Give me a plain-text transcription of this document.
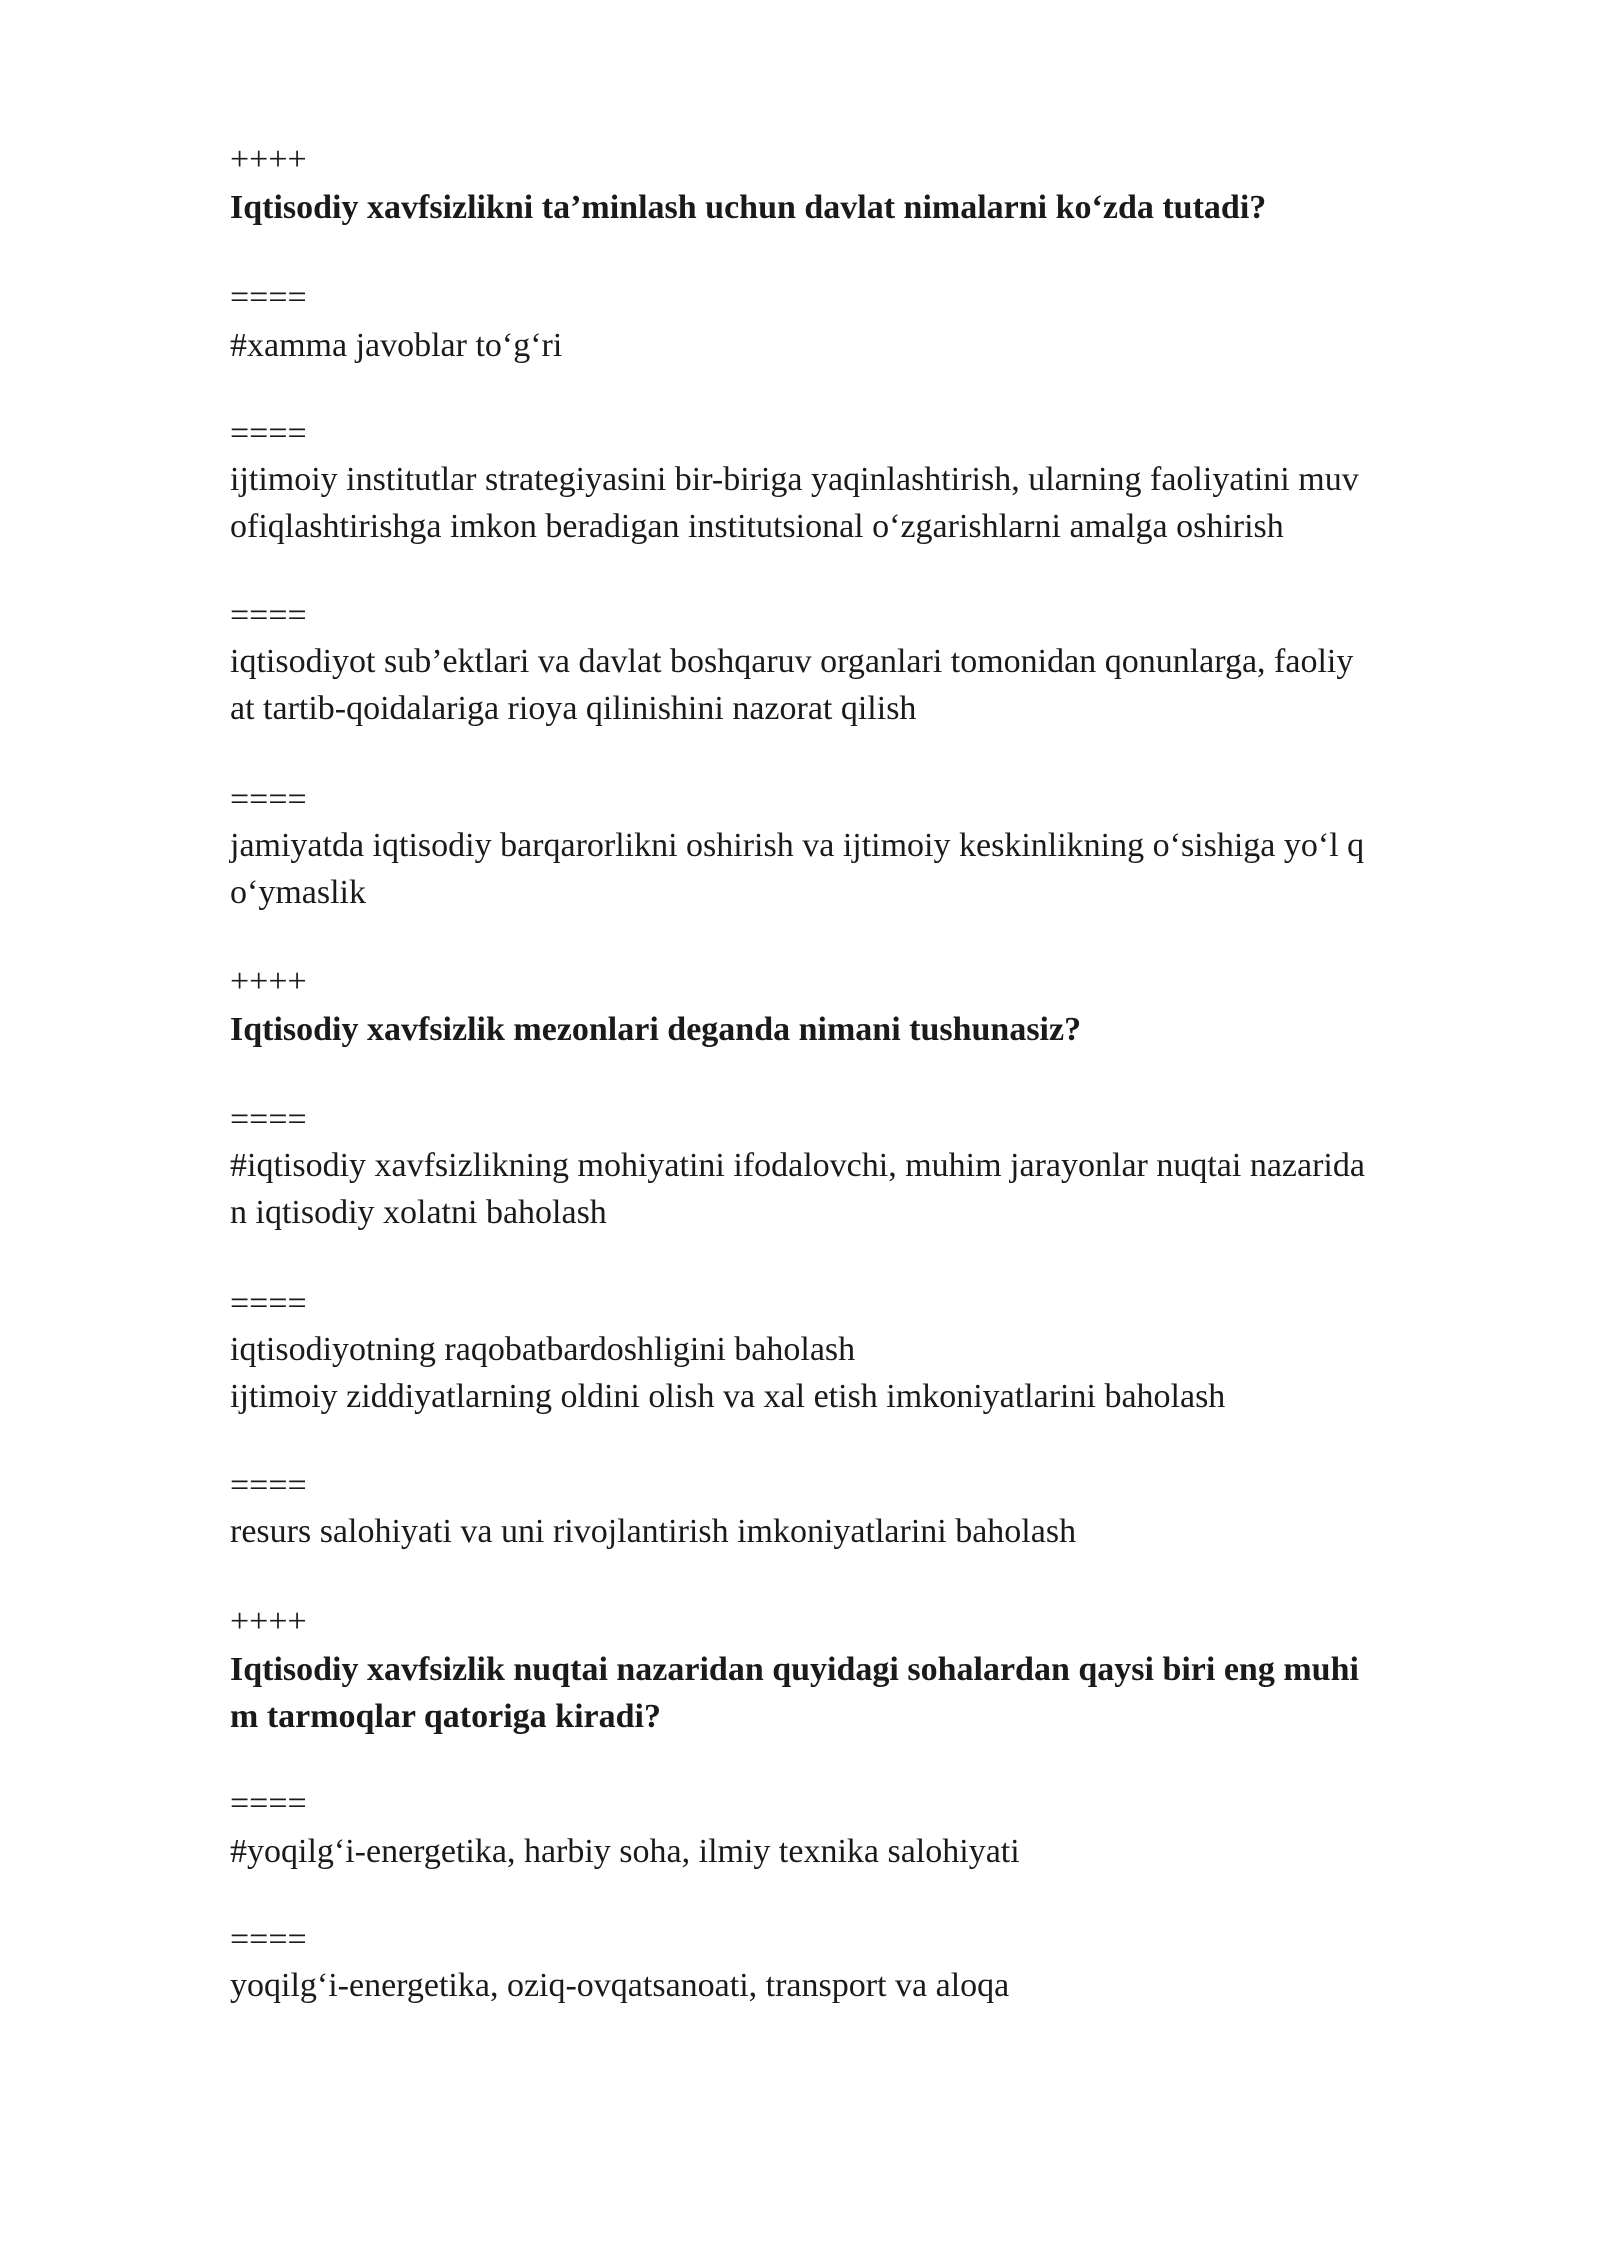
++++
Iqtisodiy xavfsizlikni ta’minlash uchun davlat nimalarni ko‘zda tutadi?
====
#xamma javoblar to‘g‘ri
====
ijtimoiy institutlar strategiyasini bir-biriga yaqinlashtirish, ularning faoliyatini muv
ofiqlashtirishga imkon beradigan institutsional o‘zgarishlarni amalga oshirish
====
iqtisodiyot sub’ektlari va davlat boshqaruv organlari tomonidan qonunlarga, faoliy
at tartib-qoidalariga rioya qilinishini nazorat qilish
====
jamiyatda iqtisodiy barqarorlikni oshirish va ijtimoiy keskinlikning o‘sishiga yo‘l q
o‘ymaslik
++++
Iqtisodiy xavfsizlik mezonlari deganda nimani tushunasiz?
====
#iqtisodiy xavfsizlikning mohiyatini ifodalovchi, muhim jarayonlar nuqtai nazarida
n iqtisodiy xolatni baholash
====
iqtisodiyotning raqobatbardoshligini baholash
ijtimoiy ziddiyatlarning oldini olish va xal etish imkoniyatlarini baholash
====
resurs salohiyati va uni rivojlantirish imkoniyatlarini baholash
++++
Iqtisodiy xavfsizlik nuqtai nazaridan quyidagi sohalardan qaysi biri eng muhi
m tarmoqlar qatoriga kiradi?
====
#yoqilg‘i-energetika, harbiy soha, ilmiy texnika salohiyati
====
yoqilg‘i-energetika, oziq-ovqatsanoati, transport va aloqa
